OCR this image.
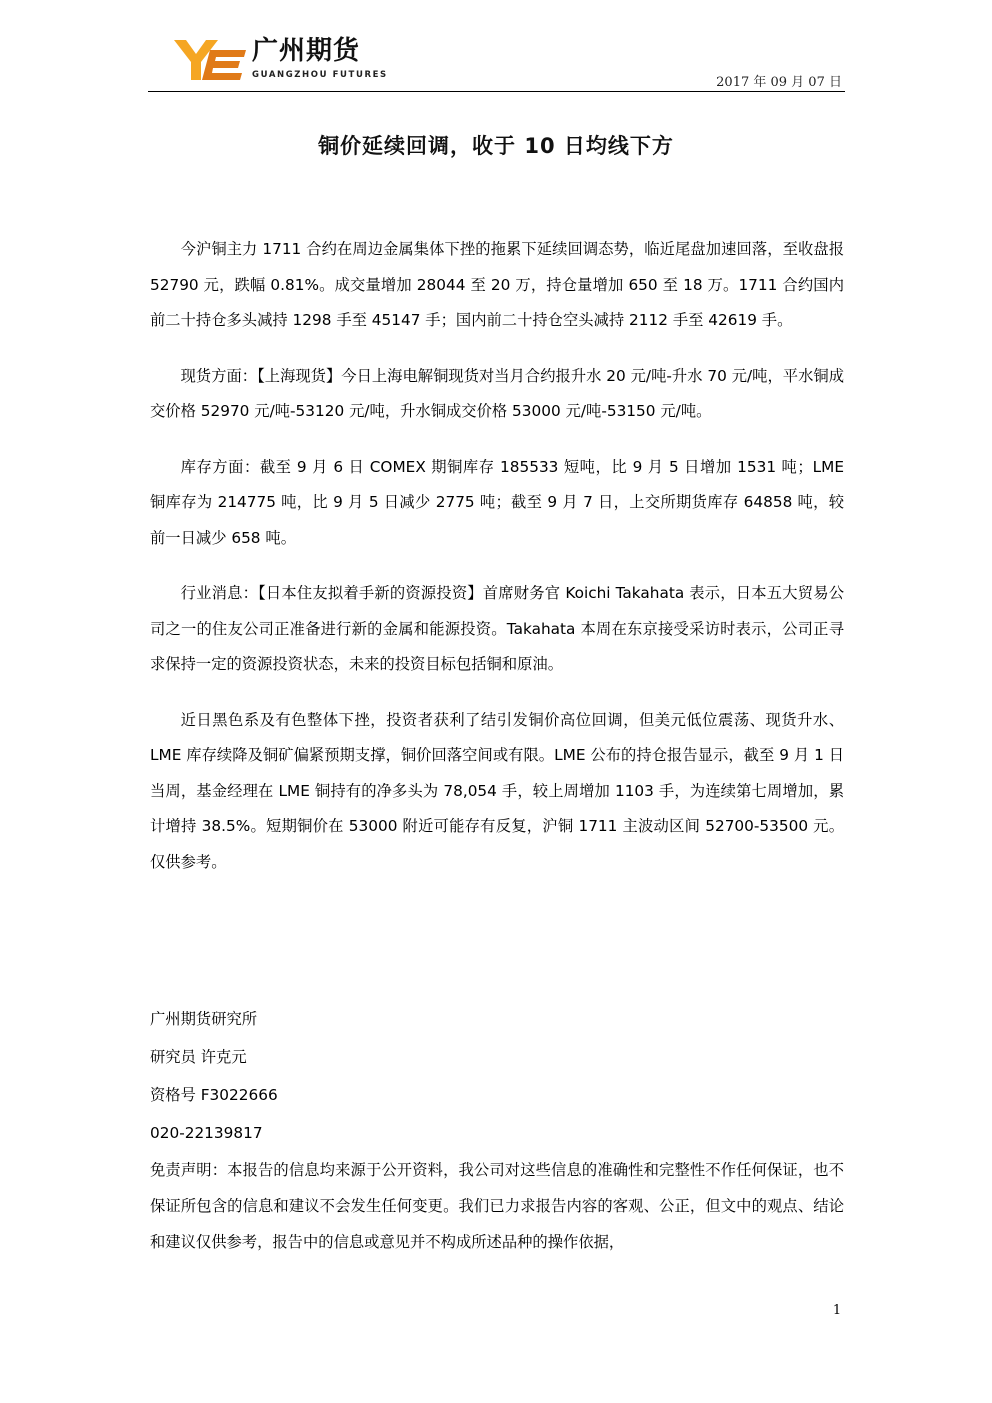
广州期货
GUANGZHOU FUTURES	2017 年 09 月 07 日
铜价延续回调，收于 10 日均线下方

今沪铜主力 1711 合约在周边金属集体下挫的拖累下延续回调态势，临近尾盘加速回落，至收盘报 52790 元，跌幅 0.81%。成交量增加 28044 至 20 万，持仓量增加 650 至 18 万。1711 合约国内前二十持仓多头减持 1298 手至 45147 手；国内前二十持仓空头减持 2112 手至 42619 手。

现货方面：【上海现货】今日上海电解铜现货对当月合约报升水 20 元/吨-升水 70 元/吨，平水铜成交价格 52970 元/吨-53120 元/吨，升水铜成交价格 53000 元/吨-53150 元/吨。

库存方面：截至 9 月 6 日 COMEX 期铜库存 185533 短吨，比 9 月 5 日增加 1531 吨；LME 铜库存为 214775 吨，比 9 月 5 日减少 2775 吨；截至 9 月 7 日，上交所期货库存 64858 吨，较前一日减少 658 吨。

行业消息：【日本住友拟着手新的资源投资】首席财务官 Koichi Takahata 表示，日本五大贸易公司之一的住友公司正准备进行新的金属和能源投资。Takahata 本周在东京接受采访时表示，公司正寻求保持一定的资源投资状态，未来的投资目标包括铜和原油。

近日黑色系及有色整体下挫，投资者获利了结引发铜价高位回调，但美元低位震荡、现货升水、LME 库存续降及铜矿偏紧预期支撑，铜价回落空间或有限。LME 公布的持仓报告显示，截至 9 月 1 日当周，基金经理在 LME 铜持有的净多头为 78,054 手，较上周增加 1103 手，为连续第七周增加，累计增持 38.5%。短期铜价在 53000 附近可能存有反复，沪铜 1711 主波动区间 52700-53500 元。仅供参考。

广州期货研究所

研究员 许克元

资格号 F3022666

020-22139817

免责声明：本报告的信息均来源于公开资料，我公司对这些信息的准确性和完整性不作任何保证，也不保证所包含的信息和建议不会发生任何变更。我们已力求报告内容的客观、公正，但文中的观点、结论和建议仅供参考，报告中的信息或意见并不构成所述品种的操作依据，

1
